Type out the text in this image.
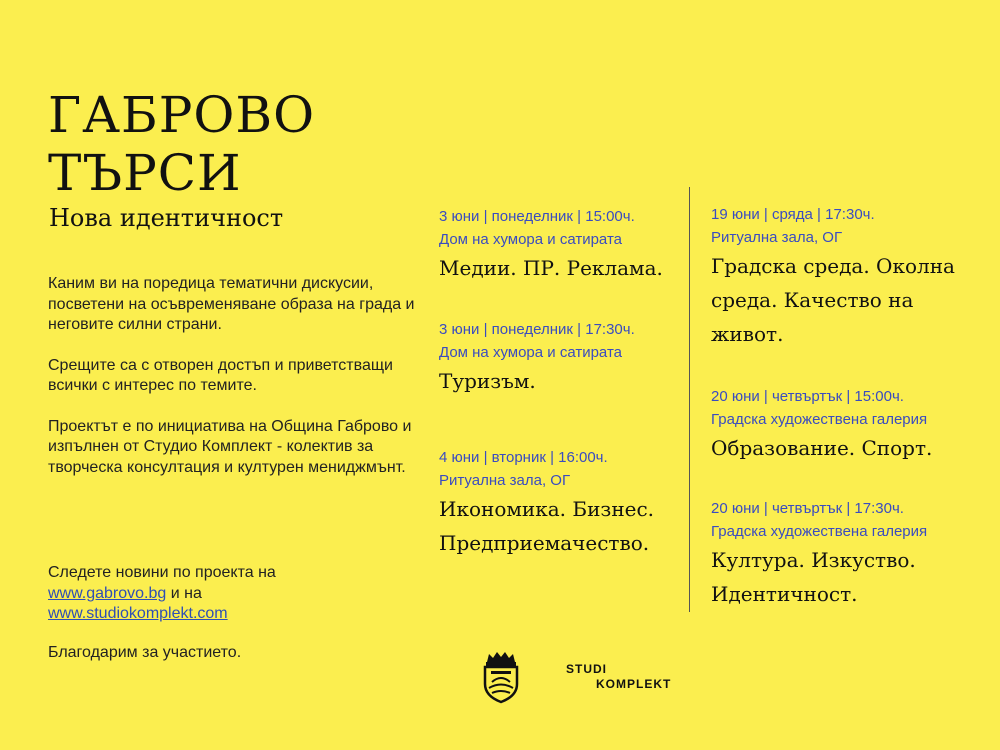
ГАБРОВО
ТЪРСИ
Нова идентичност

Каним ви на поредица тематични дискусии, посветени на осъвременяване образа на града и неговите силни страни.

Срещите са с отворен достъп и приветстващи всички с интерес по темите.

Проектът е по инициатива на Община Габрово и изпълнен от Студио Комплект - колектив за творческа консултация и културен мениджмънт.

Следете новини по проекта на
www.gabrovo.bg и на
www.studiokomplekt.com
Благодарим за участието.
3 юни | понеделник | 15:00ч.
Дом на хумора и сатирата
Медии. ПР. Реклама.
3 юни | понеделник | 17:30ч.
Дом на хумора и сатирата
Туризъм.
4 юни | вторник | 16:00ч.
Ритуална зала, ОГ
Икономика. Бизнес. Предприемачество.
19 юни | сряда | 17:30ч.
Ритуална зала, ОГ
Градска среда. Околна среда. Качество на живот.
20 юни | четвъртък | 15:00ч.
Градска художествена галерия
Образование. Спорт.
20 юни | четвъртък | 17:30ч.
Градска художествена галерия
Култура. Изкуство. Идентичност.
STUDI
KOMPLEKT
